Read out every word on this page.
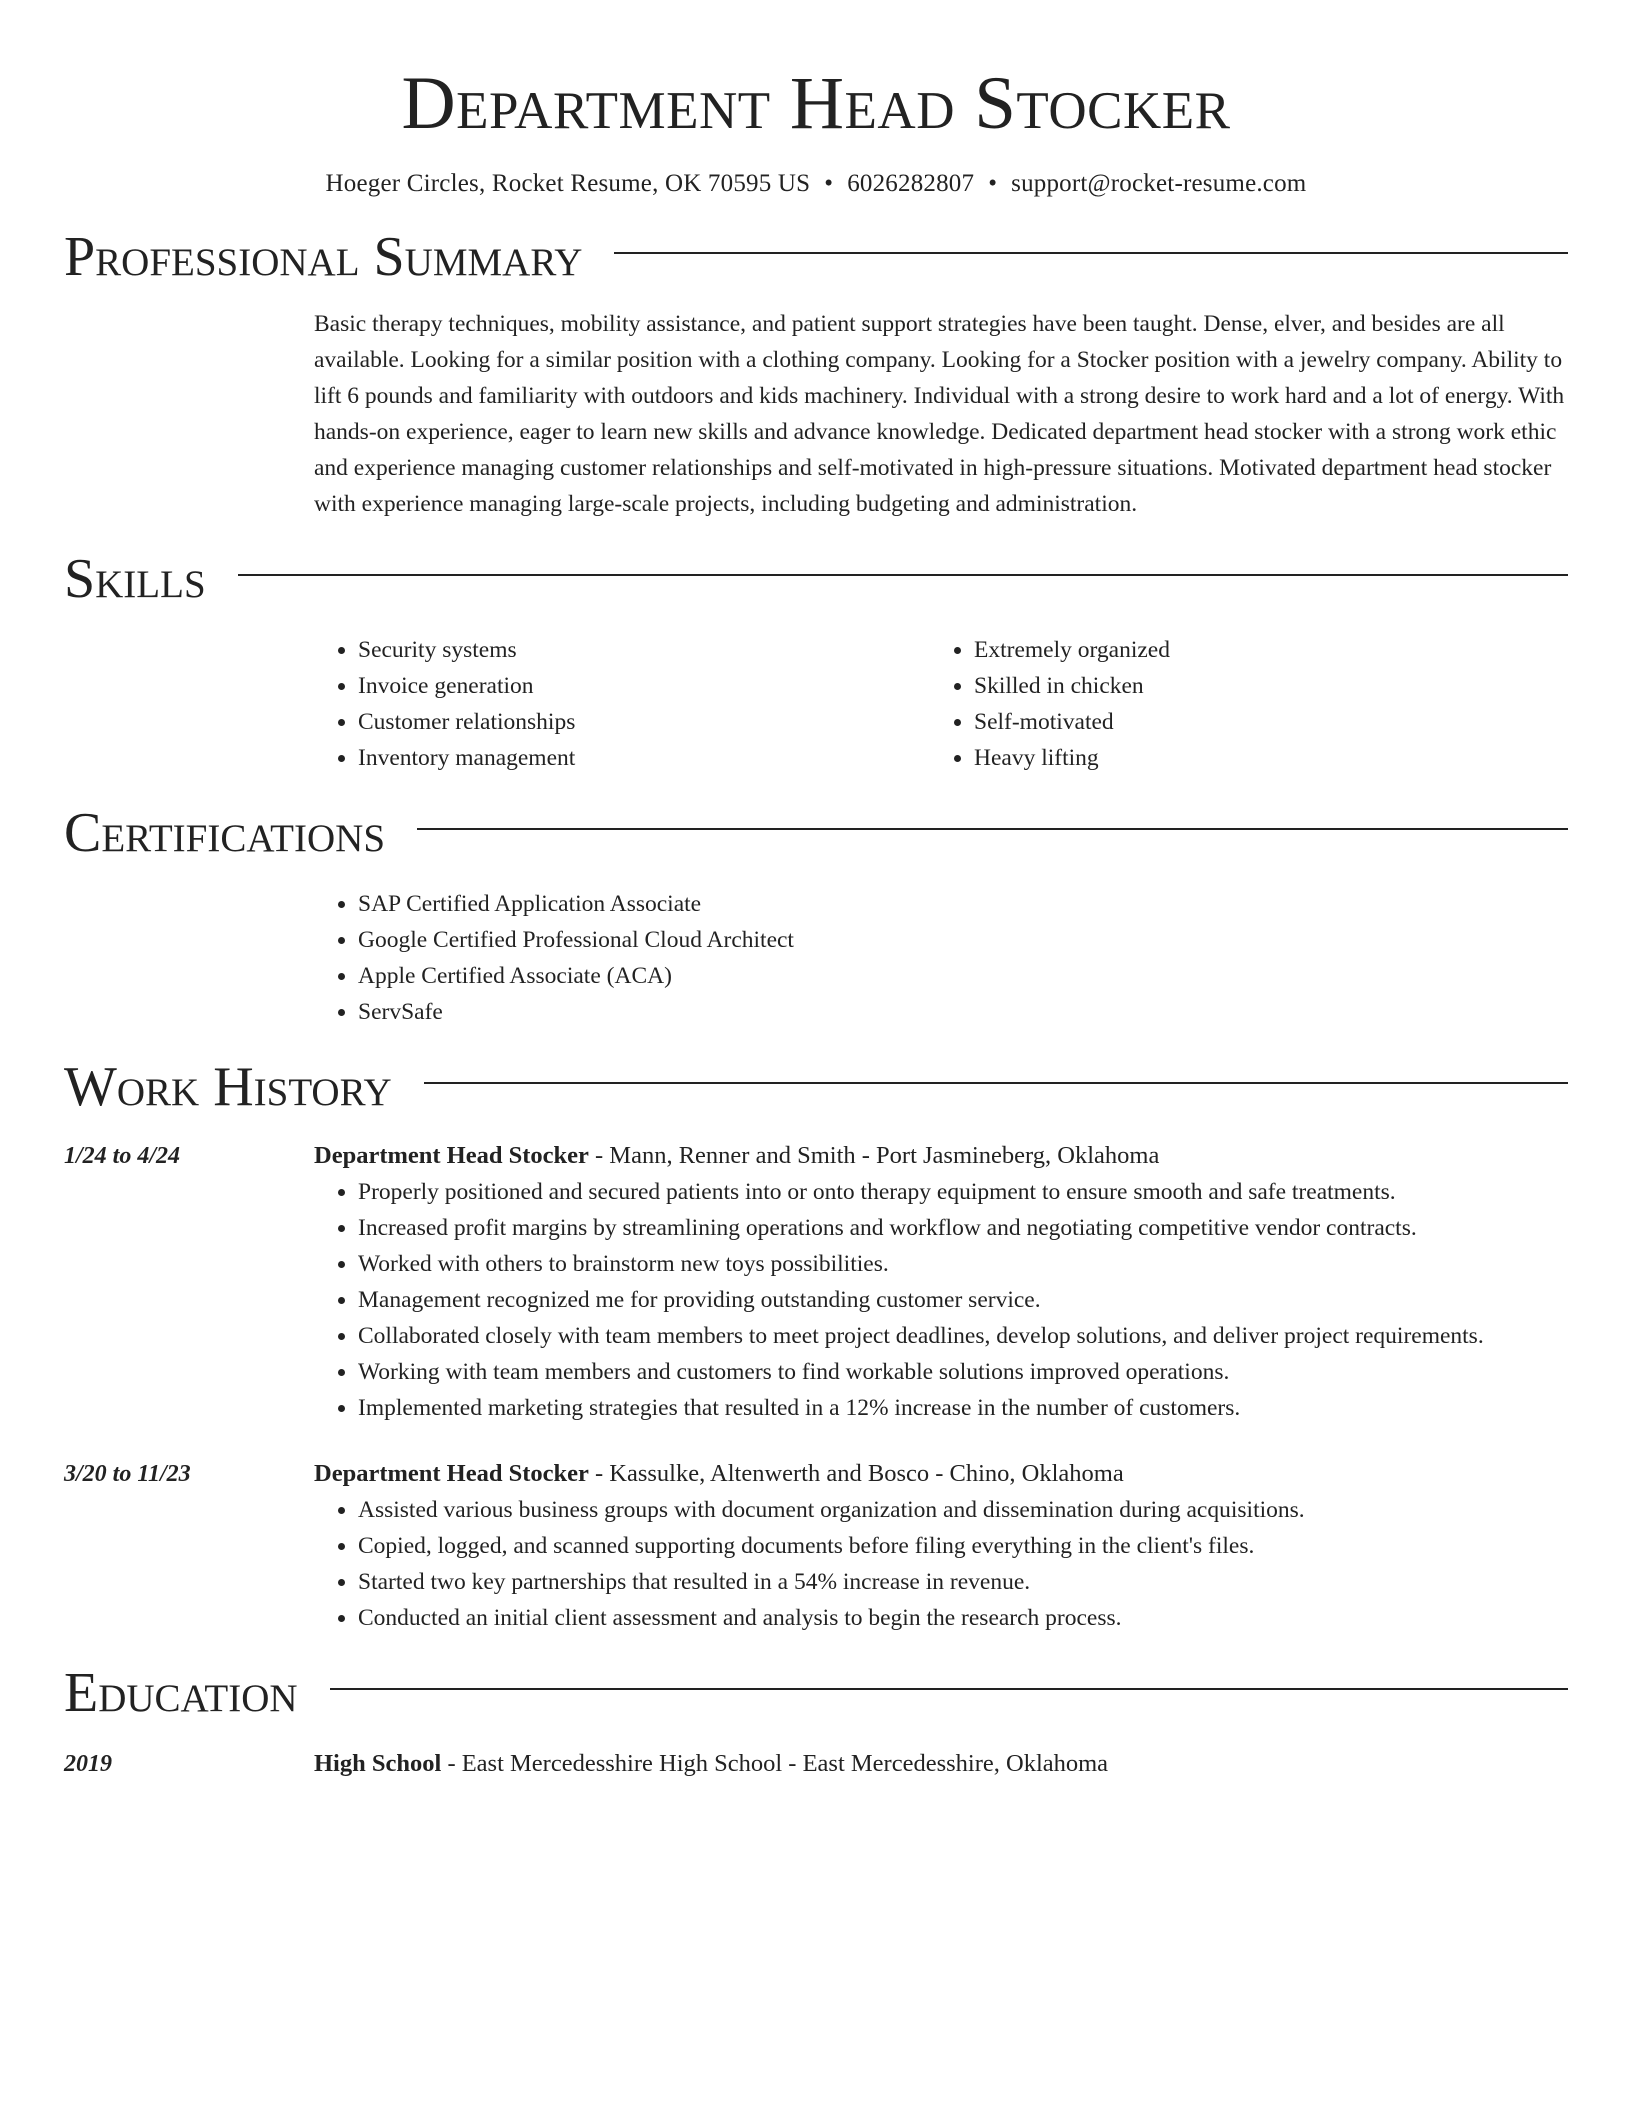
Department Head Stocker
Hoeger Circles, Rocket Resume, OK 70595 US • 6026282807 • support@rocket-resume.com
Professional Summary
Basic therapy techniques, mobility assistance, and patient support strategies have been taught. Dense, elver, and besides are all available. Looking for a similar position with a clothing company. Looking for a Stocker position with a jewelry company. Ability to lift 6 pounds and familiarity with outdoors and kids machinery. Individual with a strong desire to work hard and a lot of energy. With hands-on experience, eager to learn new skills and advance knowledge. Dedicated department head stocker with a strong work ethic and experience managing customer relationships and self-motivated in high-pressure situations. Motivated department head stocker with experience managing large-scale projects, including budgeting and administration.
Skills
• Security systems
• Invoice generation
• Customer relationships
• Inventory management
• Extremely organized
• Skilled in chicken
• Self-motivated
• Heavy lifting
Certifications
• SAP Certified Application Associate
• Google Certified Professional Cloud Architect
• Apple Certified Associate (ACA)
• ServSafe
Work History
1/24 to 4/24	Department Head Stocker - Mann, Renner and Smith - Port Jasmineberg, Oklahoma
• Properly positioned and secured patients into or onto therapy equipment to ensure smooth and safe treatments.
• Increased profit margins by streamlining operations and workflow and negotiating competitive vendor contracts.
• Worked with others to brainstorm new toys possibilities.
• Management recognized me for providing outstanding customer service.
• Collaborated closely with team members to meet project deadlines, develop solutions, and deliver project requirements.
• Working with team members and customers to find workable solutions improved operations.
• Implemented marketing strategies that resulted in a 12% increase in the number of customers.
3/20 to 11/23	Department Head Stocker - Kassulke, Altenwerth and Bosco - Chino, Oklahoma
• Assisted various business groups with document organization and dissemination during acquisitions.
• Copied, logged, and scanned supporting documents before filing everything in the client's files.
• Started two key partnerships that resulted in a 54% increase in revenue.
• Conducted an initial client assessment and analysis to begin the research process.
Education
2019	High School - East Mercedesshire High School - East Mercedesshire, Oklahoma
